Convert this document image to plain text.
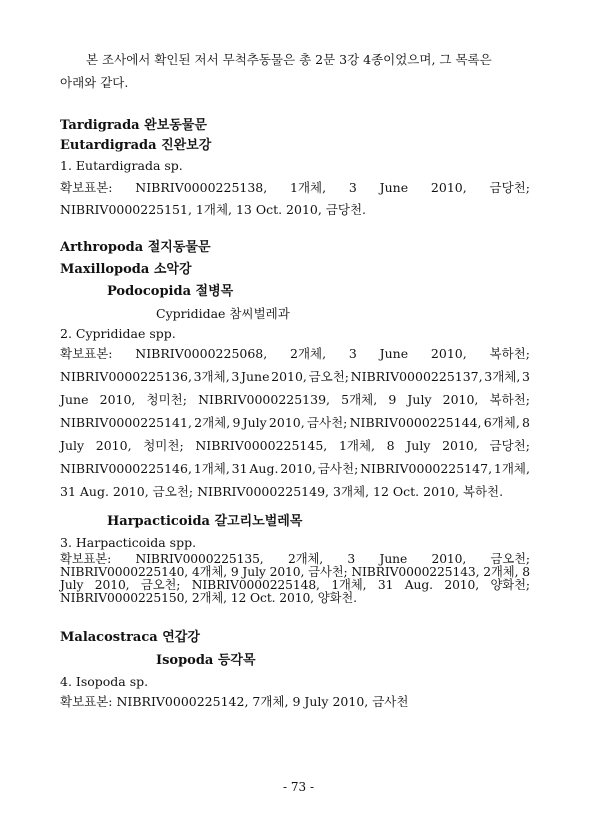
본 조사에서 확인된 저서 무척추동물은 총 2문 3강 4종이었으며, 그 목록은
아래와 같다.
Tardigrada 완보동물문
Eutardigrada 진완보강
1. Eutardigrada sp.
확보표본: NIBRIV0000225138, 1개체, 3 June 2010, 금당천;
NIBRIV0000225151, 1개체, 13 Oct. 2010, 금당천.
Arthropoda 절지동물문
Maxillopoda 소악강
Podocopida 절병목
Cyprididae 참씨벌레과
2. Cyprididae spp.
확보표본: NIBRIV0000225068, 2개체, 3 June 2010, 복하천;
NIBRIV0000225136, 3개체, 3 June 2010, 금오천; NIBRIV0000225137, 3개체, 3
June 2010, 청미천; NIBRIV0000225139, 5개체, 9 July 2010, 복하천;
NIBRIV0000225141, 2개체, 9 July 2010, 금사천; NIBRIV0000225144, 6개체, 8
July 2010, 청미천; NIBRIV0000225145, 1개체, 8 July 2010, 금당천;
NIBRIV0000225146, 1개체, 31 Aug. 2010, 금사천; NIBRIV0000225147, 1개체,
31 Aug. 2010, 금오천; NIBRIV0000225149, 3개체, 12 Oct. 2010, 복하천.
Harpacticoida 갈고리노벌레목
3. Harpacticoida spp.
확보표본: NIBRIV0000225135, 2개체, 3 June 2010, 금오천;
NIBRIV0000225140, 4개체, 9 July 2010, 금사천; NIBRIV0000225143, 2개체, 8
July 2010, 금오천; NIBRIV0000225148, 1개체, 31 Aug. 2010, 양화천;
NIBRIV0000225150, 2개체, 12 Oct. 2010, 양화천.
Malacostraca 연갑강
Isopoda 등각목
4. Isopoda sp.
확보표본: NIBRIV0000225142, 7개체, 9 July 2010, 금사천
- 73 -
